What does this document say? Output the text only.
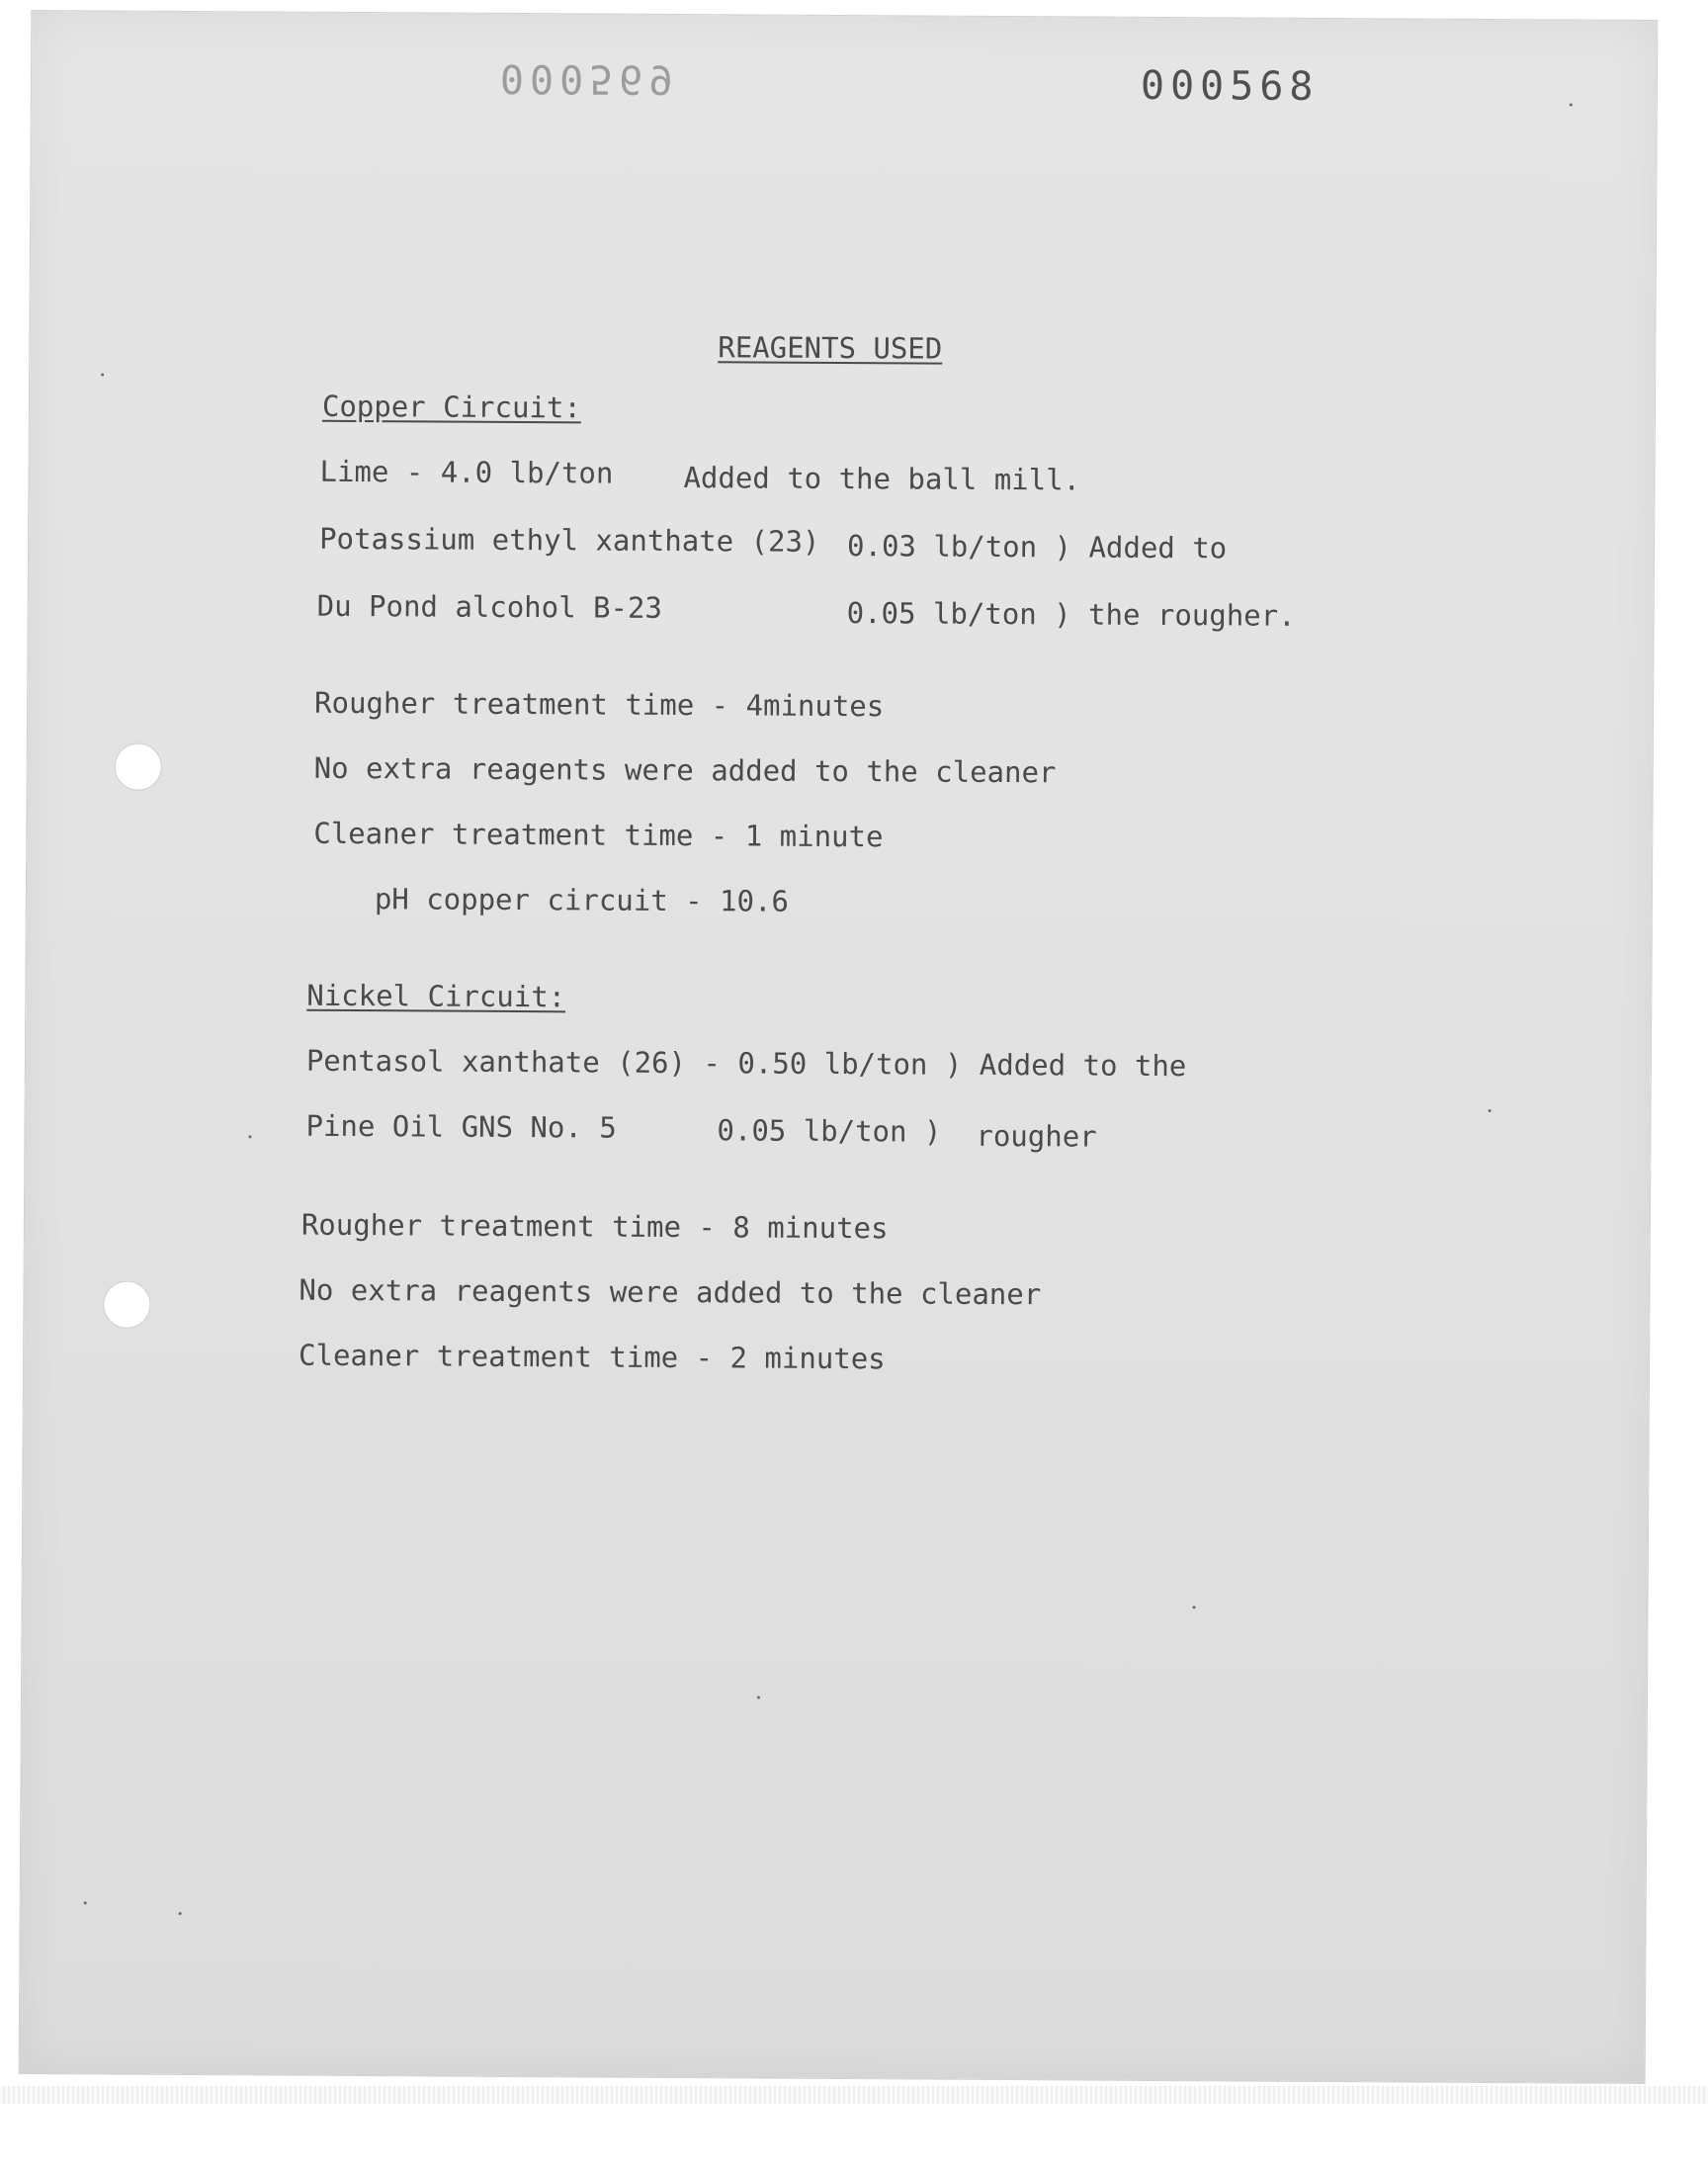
000569	000568
REAGENTS USED
Copper Circuit:
Lime - 4.0 lb/ton Added to the ball mill.
Potassium ethyl xanthate (23) 0.03 lb/ton ) Added to
Du Pond alcohol B-23	0.05 lb/ton ) the rougher.
Rougher treatment time - 4minutes
No extra reagents were added to the cleaner
Cleaner treatment time - 1 minute
pH copper circuit - 10.6
Nickel Circuit:
Pentasol xanthate (26) - 0.50 lb/ton ) Added to the
Pine Oil GNS No. 5	0.05 lb/ton ) rougher
Rougher treatment time - 8 minutes
No extra reagents were added to the cleaner
Cleaner treatment time - 2 minutes
